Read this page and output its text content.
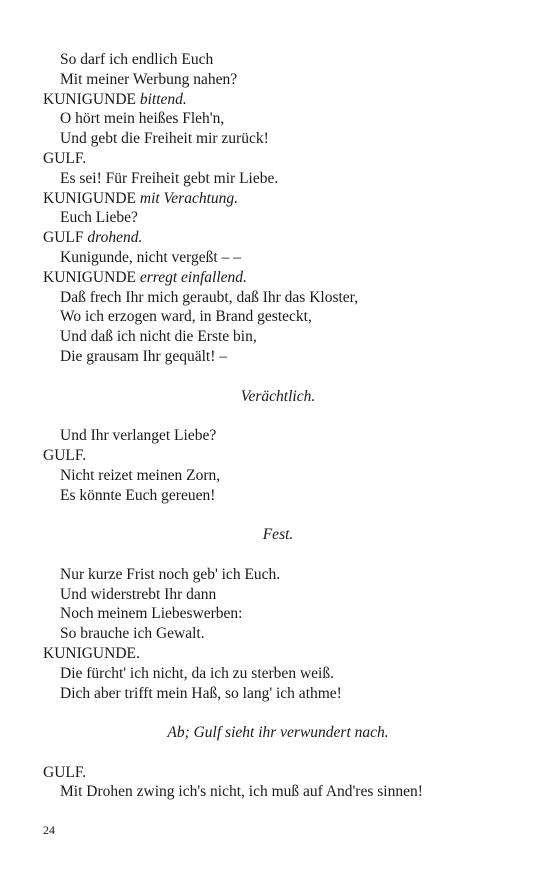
So darf ich endlich Euch
Mit meiner Werbung nahen?
KUNIGUNDE bittend.
O hört mein heißes Fleh'n,
Und gebt die Freiheit mir zurück!
GULF.
Es sei! Für Freiheit gebt mir Liebe.
KUNIGUNDE mit Verachtung.
Euch Liebe?
GULF drohend.
Kunigunde, nicht vergeßt – –
KUNIGUNDE erregt einfallend.
Daß frech Ihr mich geraubt, daß Ihr das Kloster,
Wo ich erzogen ward, in Brand gesteckt,
Und daß ich nicht die Erste bin,
Die grausam Ihr gequält! –
Verächtlich.
Und Ihr verlanget Liebe?
GULF.
Nicht reizet meinen Zorn,
Es könnte Euch gereuen!
Fest.
Nur kurze Frist noch geb' ich Euch.
Und widerstrebt Ihr dann
Noch meinem Liebeswerben:
So brauche ich Gewalt.
KUNIGUNDE.
Die fürcht' ich nicht, da ich zu sterben weiß.
Dich aber trifft mein Haß, so lang' ich athme!
Ab; Gulf sieht ihr verwundert nach.
GULF.
Mit Drohen zwing ich's nicht, ich muß auf And'res sinnen!
24
